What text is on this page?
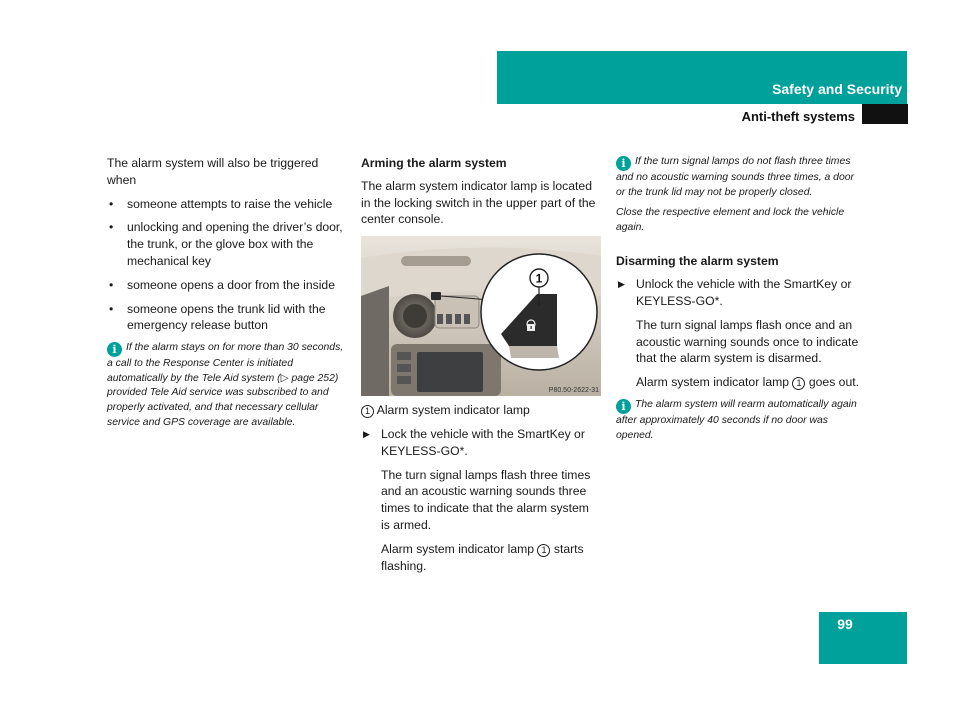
Safety and Security
Anti-theft systems

The alarm system will also be triggered when

• someone attempts to raise the vehicle
• unlocking and opening the driver’s door, the trunk, or the glove box with the mechanical key
• someone opens a door from the inside
• someone opens the trunk lid with the emergency release button

i If the alarm stays on for more than 30 seconds, a call to the Response Center is initiated automatically by the Tele Aid system (▷ page 252) provided Tele Aid service was subscribed to and properly activated, and that necessary cellular service and GPS coverage are available.

Arming the alarm system

The alarm system indicator lamp is located in the locking switch in the upper part of the center console.

1
P80.50-2622-31

1 Alarm system indicator lamp

▶ Lock the vehicle with the SmartKey or KEYLESS-GO*.

The turn signal lamps flash three times and an acoustic warning sounds three times to indicate that the alarm system is armed.

Alarm system indicator lamp 1 starts flashing.

i If the turn signal lamps do not flash three times and no acoustic warning sounds three times, a door or the trunk lid may not be properly closed.

Close the respective element and lock the vehicle again.

Disarming the alarm system

▶ Unlock the vehicle with the SmartKey or KEYLESS-GO*.

The turn signal lamps flash once and an acoustic warning sounds once to indicate that the alarm system is disarmed.

Alarm system indicator lamp 1 goes out.

i The alarm system will rearm automatically again after approximately 40 seconds if no door was opened.

99
